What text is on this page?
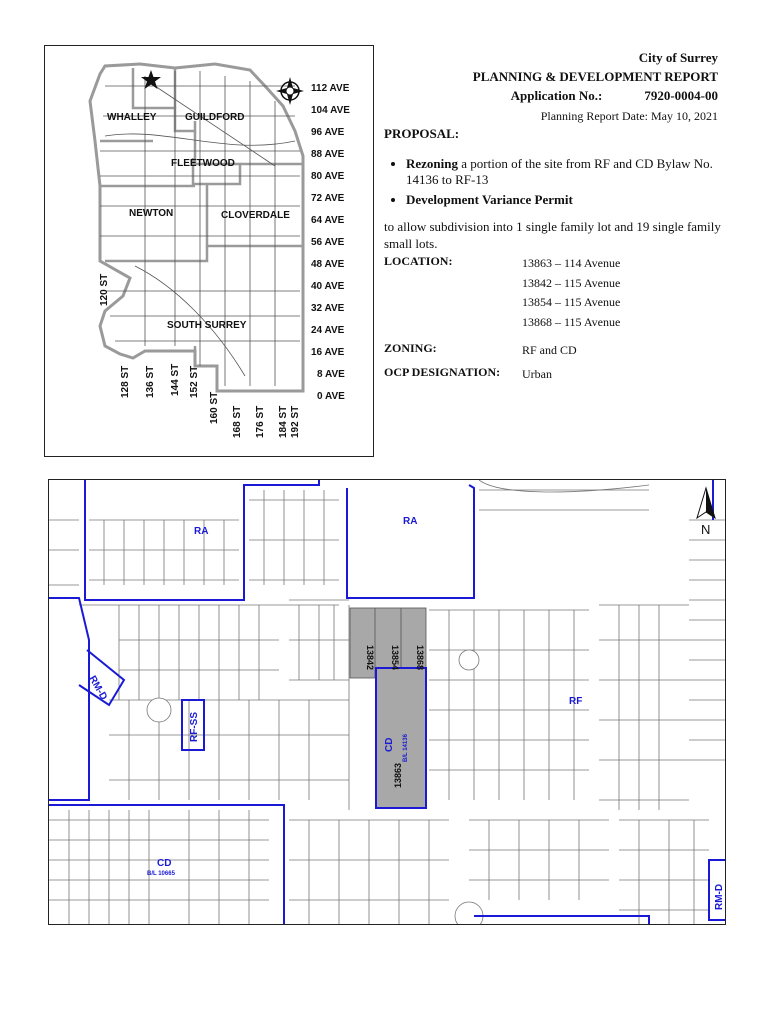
112 AVE
104 AVE
96 AVE
88 AVE
80 AVE
72 AVE
64 AVE
56 AVE
48 AVE
40 AVE
32 AVE
24 AVE
16 AVE
8 AVE
0 AVE
WHALLEY	GUILDFORD
FLEETWOOD
NEWTON	CLOVERDALE
SOUTH SURREY
120 ST
128 ST 136 ST 144 ST 152 ST
160 ST 168 ST 176 ST 184 ST 192 ST
City of Surrey
PLANNING & DEVELOPMENT REPORT
Application No.:	7920-0004-00
Planning Report Date: May 10, 2021
PROPOSAL:
• Rezoning a portion of the site from RF and CD Bylaw No. 14136 to RF-13
• Development Variance Permit
to allow subdivision into 1 single family lot and 19 single family small lots.
LOCATION:	13863 – 114 Avenue
13842 – 115 Avenue
13854 – 115 Avenue
13868 – 115 Avenue
ZONING:	RF and CD
OCP DESIGNATION:	Urban
RA
RA
RF
RF-SS
RM-D
CD B/L 14136
CD
B/L 10665
RM-D
13842 13854 13868
13863
N
